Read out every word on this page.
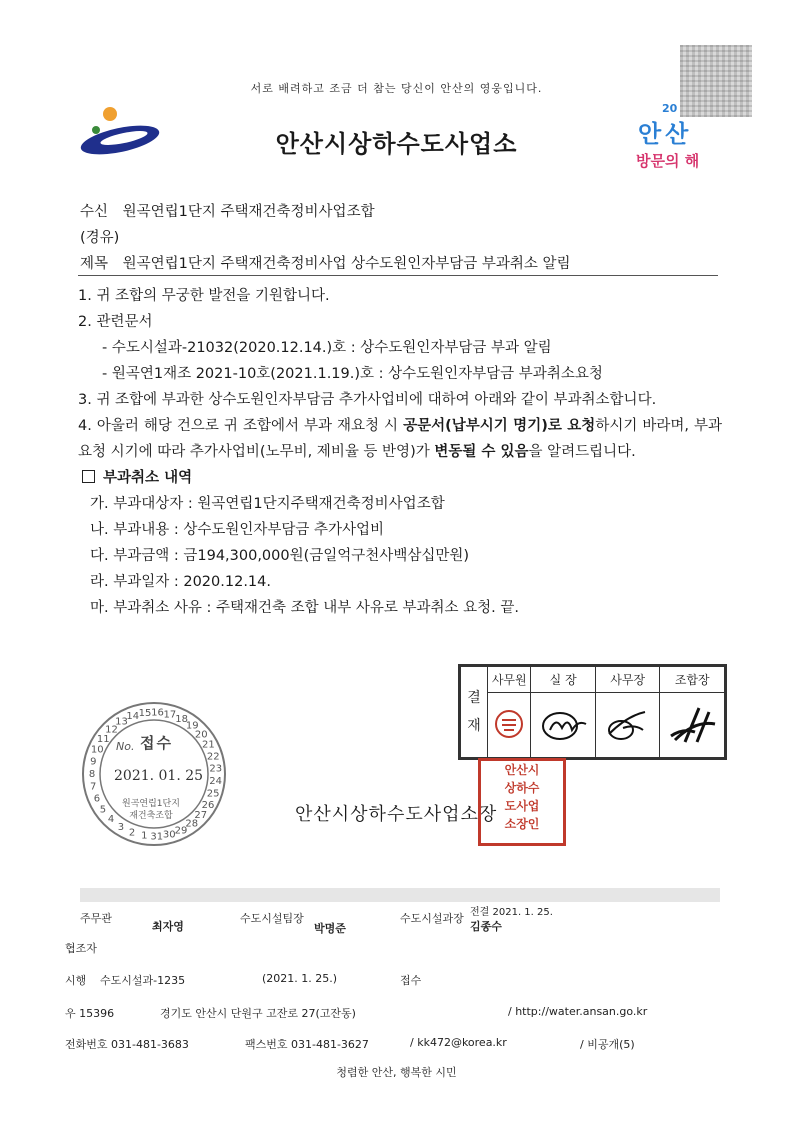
서로 배려하고 조금 더 참는 당신이 안산의 영웅입니다.
안산시상하수도사업소
20
안산
방문의 해
수신 원곡연립1단지 주택재건축정비사업조합
(경유)
제목 원곡연립1단지 주택재건축정비사업 상수도원인자부담금 부과취소 알림
1. 귀 조합의 무궁한 발전을 기원합니다.
2. 관련문서
- 수도시설과-21032(2020.12.14.)호 : 상수도원인자부담금 부과 알림
- 원곡연1재조 2021-10호(2021.1.19.)호 : 상수도원인자부담금 부과취소요청
3. 귀 조합에 부과한 상수도원인자부담금 추가사업비에 대하여 아래와 같이 부과취소합니다.
4. 아울러 해당 건으로 귀 조합에서 부과 재요청 시 공문서(납부시기 명기)로 요청하시기 바라며, 부과요청 시기에 따라 추가사업비(노무비, 제비율 등 반영)가 변동될 수 있음을 알려드립니다.
부과취소 내역
가. 부과대상자 : 원곡연립1단지주택재건축정비사업조합
나. 부과내용 : 상수도원인자부담금 추가사업비
다. 부과금액 : 금194,300,000원(금일억구천사백삼십만원)
라. 부과일자 : 2020.12.14.
마. 부과취소 사유 : 주택재건축 조합 내부 사유로 부과취소 요청. 끝.
결
재	사무원	실 장	사무장	조합장

14 15 16 17
18
19
20
21
22
23
24
25
26
27
28
29
30
31
1
2
3
4
5
6
7
8
9
10
11
12
13
No. 접수
2021. 01. 25
원곡연립1단지
재건축조합	안산시상하수도사업소장
안산시
상하수
도사업
소장인
주무관
최자영
수도시설팀장
박명준
수도시설과장 전결 2021. 1. 25.
김종수
협조자
시행 수도시설과-1235	(2021. 1. 25.)	접수
우 15396	경기도 안산시 단원구 고잔로 27(고잔동)	/ http://water.ansan.go.kr
전화번호 031-481-3683	팩스번호 031-481-3627	/ kk472@korea.kr	/ 비공개(5)
청렴한 안산, 행복한 시민
